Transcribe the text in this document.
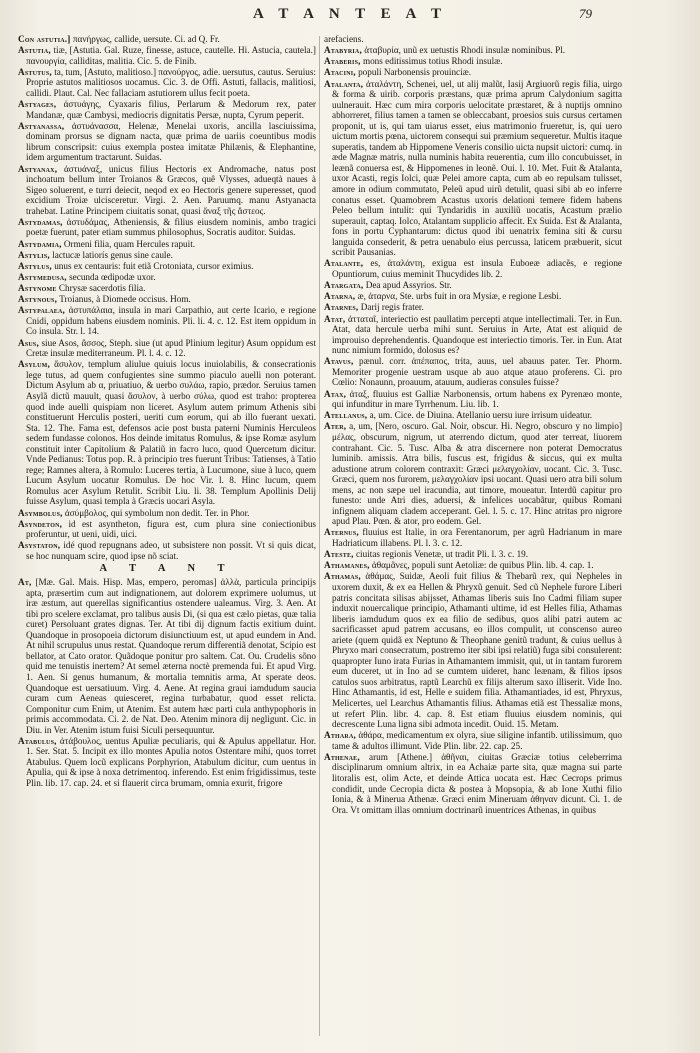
A T A N T E A T	79

Con astutia.] πανήργως, callide, uersute. Ci. ad Q. Fr.

Astutia, tiæ, [Astutia. Gal. Ruze, finesse, astuce, cautelle. Hi. Astucia, cautela.] πανουργία, calliditas, malitia. Cic. 5. de Finib.

Astutus, ta, tum, [Astuto, malitioso.] πανούργος, adie. uersutus, cautus. Seruius: Proprie astutos malitiosos uocamus. Cic. 3. de Offi. Astuti, fallacis, malitiosi, callidi. Plaut. Cal. Nec fallaciam astutiorem ullus fecit poeta.

Astyages, ἀστυάγης, Cyaxaris filius, Perlarum & Medorum rex, pater Mandanæ, quæ Cambysi, mediocris dignitatis Persæ, nupta, Cyrum peperit.

Astyanassa, ἀστυάνασσα, Helenæ, Menelai uxoris, ancilla lasciuissima, dominam prorsus se dignam nacta, quæ prima de uariis coeuntibus modis librum conscripsit: cuius exempla postea imitatæ Philænis, & Elephantine, idem argumentum tractarunt. Suidas.

Astyanax, ἀστυάναξ, unicus filius Hectoris ex Andromache, natus post inchoatum bellum inter Troianos & Græcos, quê Vlysses, adueqtà naues à Sigeo soluerent, e turri deiecit, neqod ex eo Hectoris genere superesset, quod excidium Troiæ ulcisceretur. Virgi. 2. Aen. Paruumq. manu Astyanacta trahebat. Latine Principem ciuitatis sonat, quasi ἄναξ τῆς ἄστεος.

Astydamas, ἀστυδάμας, Atheniensis, & filius eiusdem nominis, ambo tragici poetæ fuerunt, pater etiam summus philosophus, Socratis auditor. Suidas.

Astydamia, Ormeni filia, quam Hercules rapuit.

Astylis, lactucæ latiorís genus sine caule.

Astylus, unus ex centauris: fuit etiã Crotoniata, cursor eximius.

Astymedusa, secunda œdipodæ uxor.

Astynome Chrysæ sacerdotis filia.

Astynous, Troianus, à Diomede occisus. Hom.

Astypalaea, ἀστυπάλαια, insula in mari Carpathio, aut certe Icario, e regione Cnidi, oppidum habens eiusdem nominis. Pli. li. 4. c. 12. Est item oppidum in Co insula. Str. l. 14.

Asus, siue Asos, ἄσσος, Steph. siue (ut apud Plinium legitur) Asum oppidum est Cretæ insulæ mediterraneum. Pl. l. 4. c. 12.

Asylum, ἄσυλον, templum aliulue quiuis locus inuiolabilis, & consecrationis lege tutus, ad quem confugientes sine summo piaculo auelli non poterant. Dictum Asylum ab α, priuatiuo, & uerbo συλάω, rapio, prædor. Seruius tamen Asylã dictũ mauult, quasi ἄσυλον, à uerbo σύλω, quod est traho: propterea quod inde auelli quispiam non liceret. Asylum autem primum Athenis sibi constituerunt Herculis posteri, ueriti cum eorum, qui ab illo fuerant uexati. Sta. 12. The. Fama est, defensos acie post busta paterni Numinis Herculeos sedem fundasse colonos. Hos deinde imitatus Romulus, & ipse Romæ asylum constituit inter Capitolium & Palatiũ in facro luco, quod Quercetum dicitur. Vnde Pedianus: Totus pop. R. à principio tres fuerunt Tribus: Tatienses, à Tatio rege; Ramnes altera, à Romulo: Luceres tertia, à Lucumone, siue à luco, quem Lucum Asylum uocatur Romulus. De hoc Vir. l. 8. Hinc lucum, quem Romulus acer Asylum Retulit. Scribit Liu. li. 38. Templum Apollinis Delij fuisse Asylum, quasi templa à Græcis uocari Asyla.

Asymbolus, ἀσύμβολος, qui symbolum non dedit. Ter. in Phor.

Asyndeton, id est asyntheton, figura est, cum plura sine coniectionibus proferuntur, ut ueni, uidi, uici.

Asystaton, idé quod repugnans adeo, ut subsistere non possit. Vt si quis dicat, se hoc nunquam scire, quod ipse nõ sciat.

A T A N T

At, [Mæ. Gal. Mais. Hisp. Mas, empero, peromas] ἀλλὰ, particula principijs apta, præsertim cum aut indignationem, aut dolorem exprimere uolumus, ut iræ æstum, aut querellas significantius ostendere ualeamus. Virg. 3. Aen. At tibi pro scelere exclamat, pro talibus ausis Di, (si qua est cælo pietas, quæ talia curet) Persoluant grates dignas. Ter. At tibi dij dignum factis exitium duint. Quandoque in prosopoeia dictorum disiunctiuum est, ut apud eundem in And. At nihil scrupulus unus restat. Quandoque rerum differentiã denotat, Scipio est bellator, at Cato orator. Quãdoque ponitur pro saltem. Cat. Ou. Crudelis sõno quid me tenuistis inertem? At semel æterna noctè premenda fui. Et apud Virg. 1. Aen. Si genus humanum, & mortalia temnitis arma, At sperate deos. Quandoque est uersatiuum. Virg. 4. Aene. At regina graui iamdudum saucia curam cum Aeneas quiesceret, regina turbabatur, quod esset relicta. Componitur cum Enim, ut Atenim. Est autem hæc parti cula anthypophoris in primis accommodata. Ci. 2. de Nat. Deo. Atenim minora dij negligunt. Cic. in Diu. in Ver. Atenim istum fuisi Siculi persequuntur.

Atabulus, ἀτάβουλος, uentus Apuliæ peculiaris, qui & Apulus appellatur. Hor. 1. Ser. Stat. 5. Incipit ex illo montes Apulia notos Ostentare mihi, quos torret Atabulus. Quem locũ explicans Porphyrion, Atabulum dicitur, cum uentus in Apulia, qui & ipse à noxa detrimentoq. inferendo. Est enim frigidissimus, teste Plin. lib. 17. cap. 24. et si flauerit circa brumam, omnia exurit, frigore

arefaciens.

Atabyria, ἀταβυρία, unũ ex uetustis Rhodi insulæ nominibus. Pl.

Ataberis, mons editissimus totius Rhodi insulæ.

Atacini, populi Narbonensis prouinciæ.

Atalanta, ἀταλάντη, Schenei, uel, ut alij malũt, Iasij Argiuorũ regis filia, uirgo & forma & uirib. corporis præstans, quæ prima aprum Calydonium sagitta uulnerauit. Hæc cum mira corporis uelocitate præstaret, & à nuptijs omnino abhorreret, filius tamen a tamen se obleccabant, proesios suis cursus certamen proponit, ut is, qui tam uiarus esset, eius matrimonio frueretur, is, qui uero uictum mortis pœna, uictorem consequi sui præmium sequeretur. Multis itaque superatis, tandem ab Hippomene Veneris consilio uicta nupsit uictori: cumq. in æde Magnæ matris, nulla numinis habita reuerentia, cum illo concubuisset, in leænã conuersa est, & Hippomenes in leonẽ. Oui. l. 10. Met. Fuit & Atalanta, uxor Acasti, regis Iolci, quæ Pelei amore capta, cum ab eo repulsam tulisset, amore in odium commutato, Peleũ apud uirũ detulit, quasi sibi ab eo inferre conatus esset. Quamobrem Acastus uxoris delationi temere fidem habens Peleo bellum intulit: qui Tyndaridis in auxiliũ uocatis, Acastum prælio superauit, captaq. Iolco, Atalantam supplicio affecit. Ex Suida. Est & Atalanta, fons in portu Cyphantarum: dictus quod ibi uenatrix femina siti & cursu languida consederit, & petra uenabulo eius percussa, laticem præbuerit, sicut scribit Pausanias.

Atalante, es, ἀταλάντη, exigua est insula Euboeæ adiacẽs, e regione Opuntiorum, cuius meminit Thucydides lib. 2.

Atargata, Dea apud Assyrios. Str.

Atarna, æ, ἀταρνα, Ste. urbs fuit in ora Mysiæ, e regione Lesbi.

Atarnes, Darij regis frater.

Atat, ἀτταταῖ, interiectio est paullatim percepti atque intellectimali. Ter. in Eun. Atat, data hercule uerba mihi sunt. Seruius in Arte, Atat est aliquid de improuiso deprehendentis. Quandoque est interiectio timoris. Ter. in Eun. Atat nunc nimium formido, dolosus es?

Atavus, pænul. corr. ἀπέπαπος, trita, auus, uel abauus pater. Ter. Phorm. Memoriter progenie uestram usque ab auo atque atauo proferens. Ci. pro Cœlio: Nonaunn, proauum, atauum, audieras consules fuisse?

Atax, ἀταξ, fluuius est Galliæ Narbonensis, ortum habens ex Pyrenæo monte, qui infunditur in mare Tyrrhenum. Liu. lib. 1.

Atellanus, a, um. Cice. de Diuina. Atellanio uersu iure irrisum uideatur.

Ater, a, um, [Nero, oscuro. Gal. Noir, obscur. Hi. Negro, obscuro y no limpio] μέλας, obscurum, nigrum, ut aterrendo dictum, quod ater terreat, liuorem contrahant. Cic. 5. Tusc. Alba & atra discernere non poterat Democratus luminib. amissis. Atra bilis, fuscus est, frigidus & siccus, qui ex multa adustione atrum colorem contraxit: Græci μελαγχολίαν, uocant. Cic. 3. Tusc. Græci, quem nos furorem, μελαγχολίαν ipsi uocant. Quasi uero atra bili solum mens, ac non sæpe uel iracundia, aut timore, moueatur. Interdũ capitur pro funesto: unde Atri dies, aduersi, & infelices uocabãtur, quibus Romani infignem aliquam cladem acceperant. Gel. l. 5. c. 17. Hinc atritas pro nigrore apud Plau. Pœn. & ator, pro eodem. Gel.

Aternus, fluuius est Italie, in ora Ferentanorum, per agrũ Hadrianum in mare Hadriaticum illabens. Pl. l. 3. c. 12.

Ateste, ciuitas regionis Venetæ, ut tradit Pli. l. 3. c. 19.

Athamanes, ἀθαμᾶνες, populi sunt Aetoliæ: de quibus Plin. lib. 4. cap. 1.

Athamas, ἀθάμας, Suidæ, Aeoli fuit filius & Thebarũ rex, qui Nepheles in uxorem duxit, & ex ea Hellen & Phryxũ genuit. Sed cũ Nephele furore Liberi patris concitata silisas abijsset, Athamas liberis suis Ino Cadmi filiam super induxit nouercalique principio, Athamanti ultime, id est Helles filia, Athamas liberis iamdudum quos ex ea filio de sedibus, quos alibi patri autem ac sacrificasset apud patrem accusans, eo illos compulit, ut conscenso aureo ariete (quem quidã ex Neptuno & Theophane genitũ tradunt, & cuius uellus à Phryxo mari consecratum, postremo iter sibi ipsi relatiũ) fuga sibi consulerent: quapropter Iuno irata Furias in Athamantem immisit, qui, ut in tantam furorem eum duceret, ut in Ino ad se cumtem uideret, hanc leænam, & filios ipsos catulos suos arbitratus, raptũ Learchũ ex filijs alterum saxo illiserit. Vide Ino. Hinc Athamantis, id est, Helle e suidem filia. Athamantiades, id est, Phryxus, Melicertes, uel Learchus Athamantis filius. Athamas etiã est Thessaliæ mons, ut refert Plin. libr. 4. cap. 8. Est etiam fluuius eiusdem nominis, qui decrescente Luna ligna sibi admota incedit. Ouid. 15. Metam.

Athara, ἀθάρα, medicamentum ex olyra, siue siligine infantib. utilissimum, quo tame & adultos illimunt. Vide Plin. libr. 22. cap. 25.

Athenae, arum [Athene.] ἀθῆναι, ciuitas Græciæ totius celeberrima disciplinarum omnium altrix, in ea Achaiæ parte sita, quæ magna sui parte litoralis est, olim Acte, et deinde Attica uocata est. Hæc Cecrops primus condidit, unde Cecropia dicta & postea à Mopsopia, & ab Ione Xuthi filio Ionia, & à Minerua Athenæ. Græci enim Mineruam ἀθηναν dicunt. Ci. 1. de Ora. Vt omittam illas omnium doctrinarũ inuentrices Athenas, in quibus
